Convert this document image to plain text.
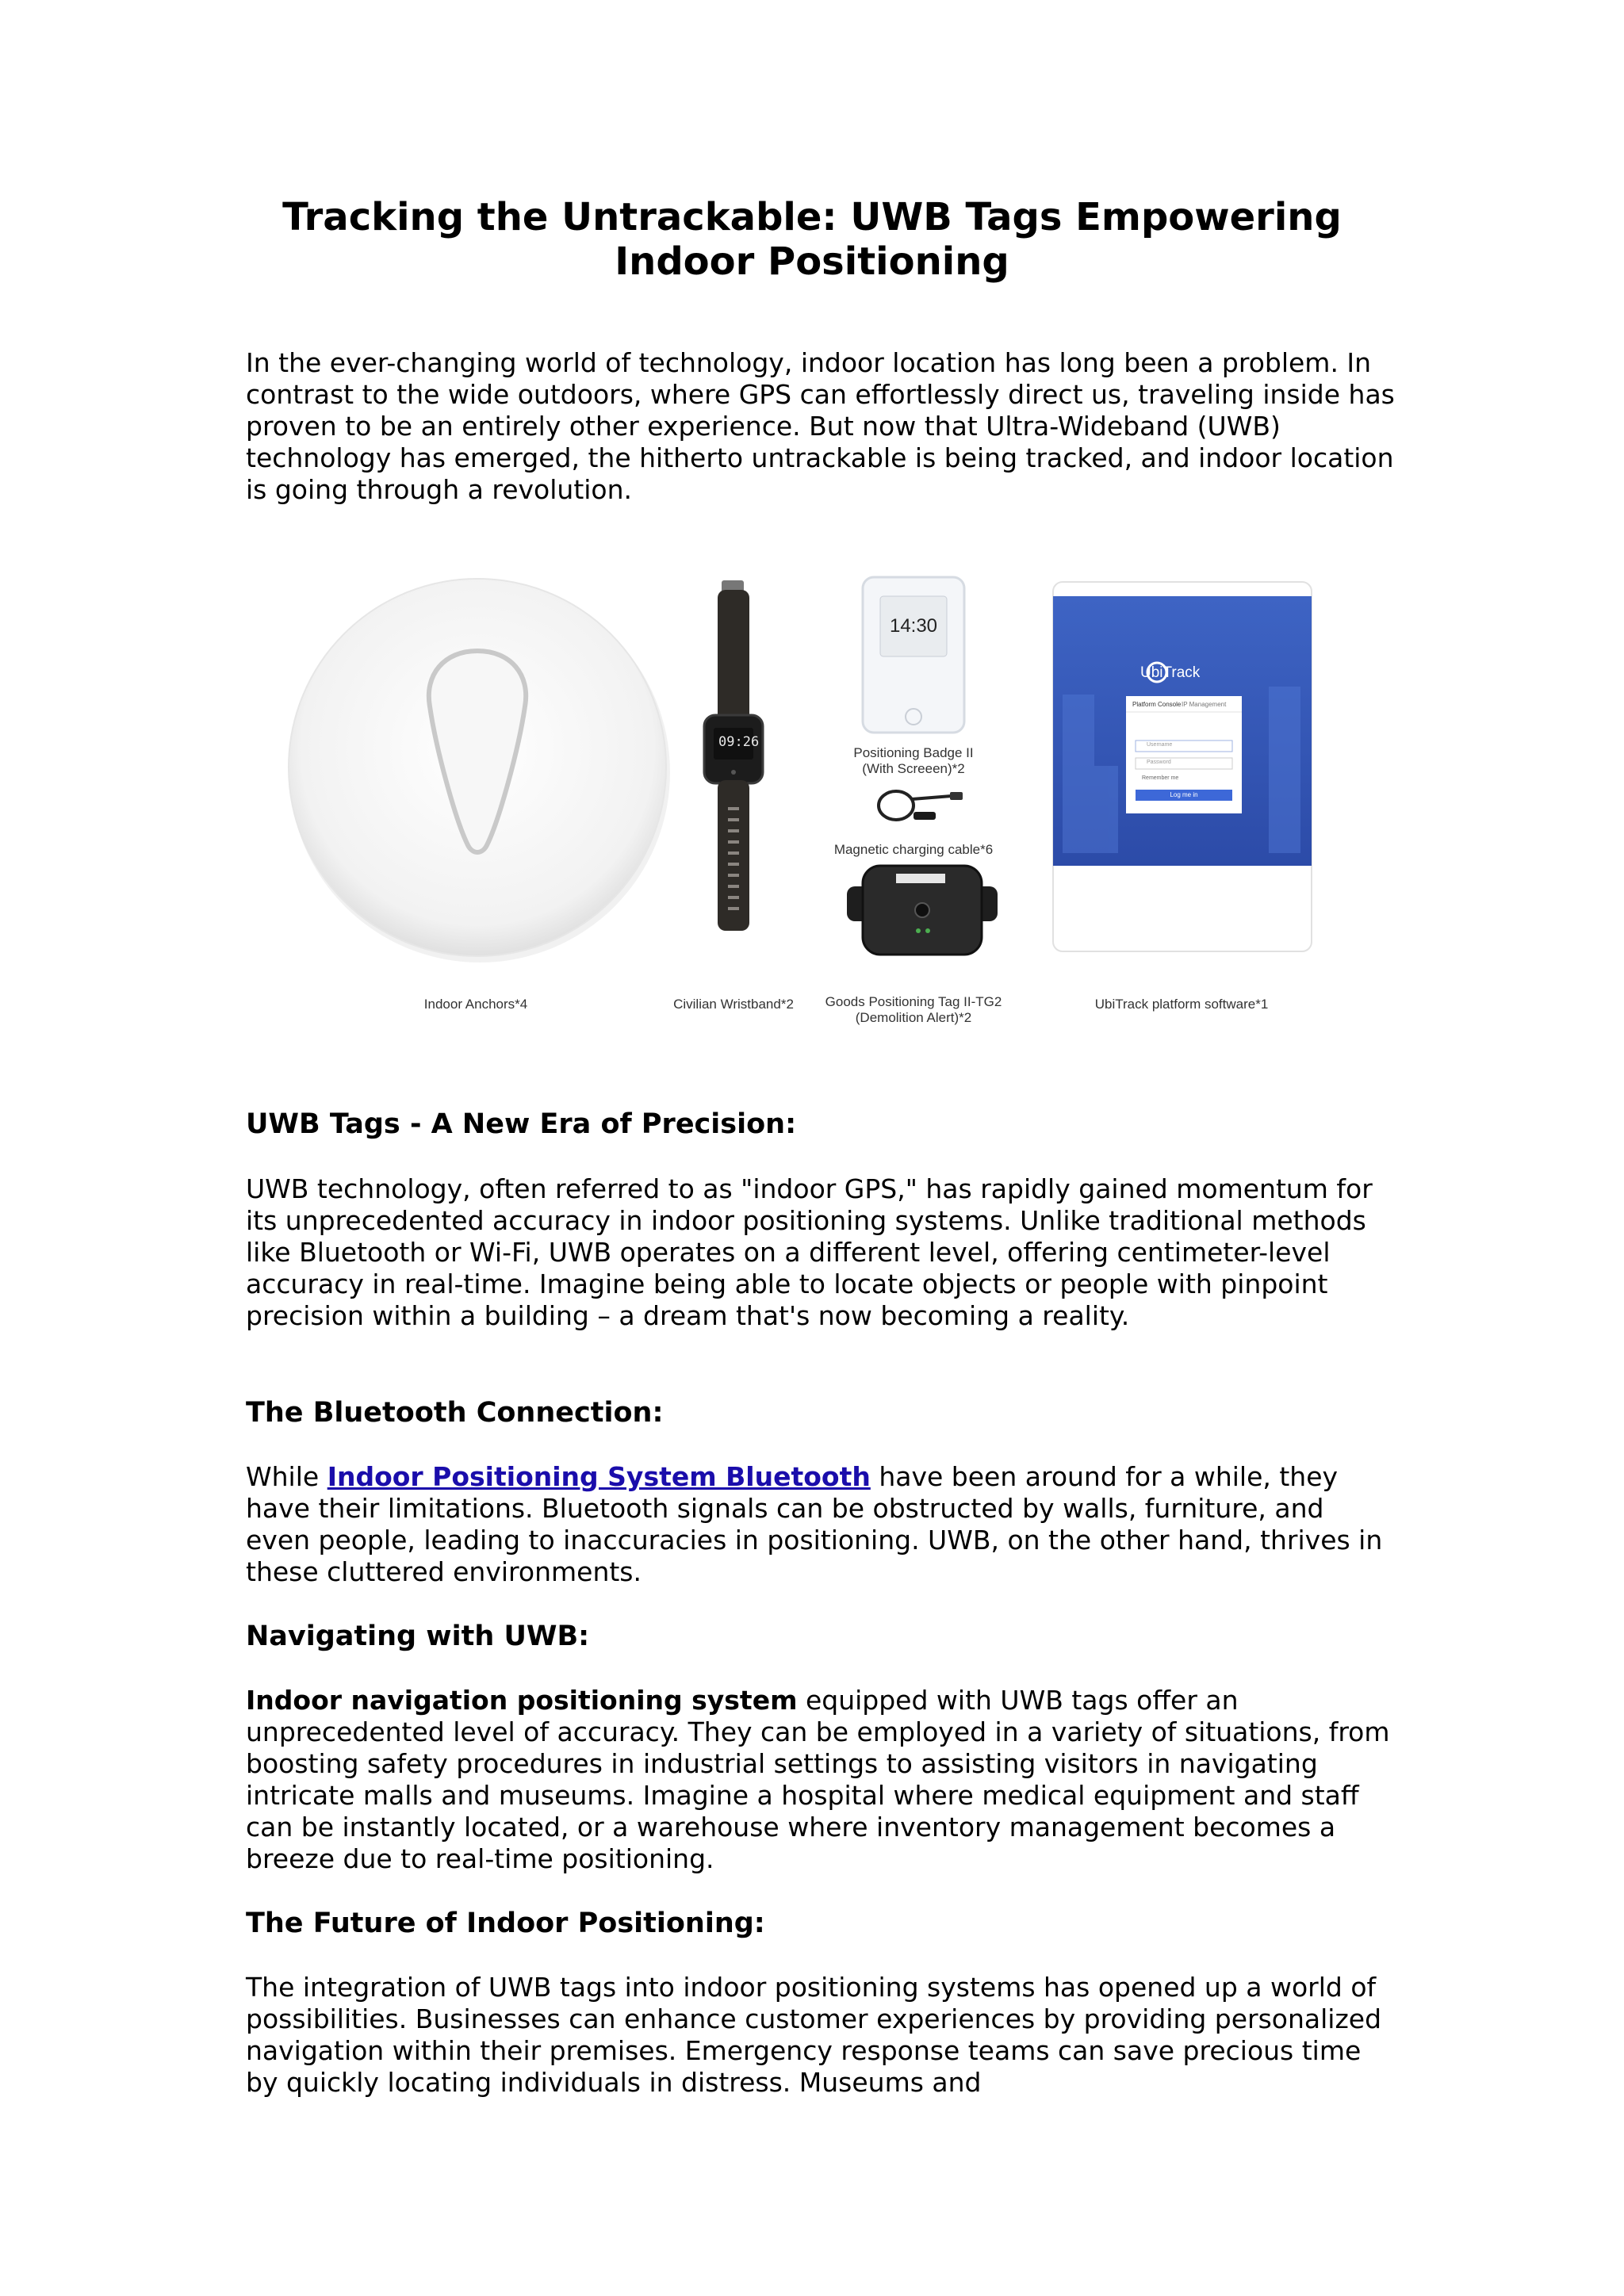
Tracking the Untrackable: UWB Tags Empowering
Indoor Positioning

In the ever-changing world of technology, indoor location has long been a problem. In contrast to the wide outdoors, where GPS can effortlessly direct us, traveling inside has proven to be an entirely other experience. But now that Ultra-Wideband (UWB) technology has emerged, the hitherto untrackable is being tracked, and indoor location is going through a revolution.

09:26
14:30
UbiTrack
Platform Console IP Management
Username
Password
Remember me
Log me in
Indoor Anchors*4	Civilian Wristband*2
Positioning Badge II
(With Screeen)*2
Magnetic charging cable*6
Goods Positioning Tag II-TG2
(Demolition Alert)*2
UbiTrack platform software*1
UWB Tags - A New Era of Precision:

UWB technology, often referred to as "indoor GPS," has rapidly gained momentum for its unprecedented accuracy in indoor positioning systems. Unlike traditional methods like Bluetooth or Wi-Fi, UWB operates on a different level, offering centimeter-level accuracy in real-time. Imagine being able to locate objects or people with pinpoint precision within a building – a dream that's now becoming a reality.

The Bluetooth Connection:

While Indoor Positioning System Bluetooth have been around for a while, they have their limitations. Bluetooth signals can be obstructed by walls, furniture, and even people, leading to inaccuracies in positioning. UWB, on the other hand, thrives in these cluttered environments.

Navigating with UWB:

Indoor navigation positioning system equipped with UWB tags offer an unprecedented level of accuracy. They can be employed in a variety of situations, from boosting safety procedures in industrial settings to assisting visitors in navigating intricate malls and museums. Imagine a hospital where medical equipment and staff can be instantly located, or a warehouse where inventory management becomes a breeze due to real-time positioning.

The Future of Indoor Positioning:

The integration of UWB tags into indoor positioning systems has opened up a world of possibilities. Businesses can enhance customer experiences by providing personalized navigation within their premises. Emergency response teams can save precious time by quickly locating individuals in distress. Museums and
